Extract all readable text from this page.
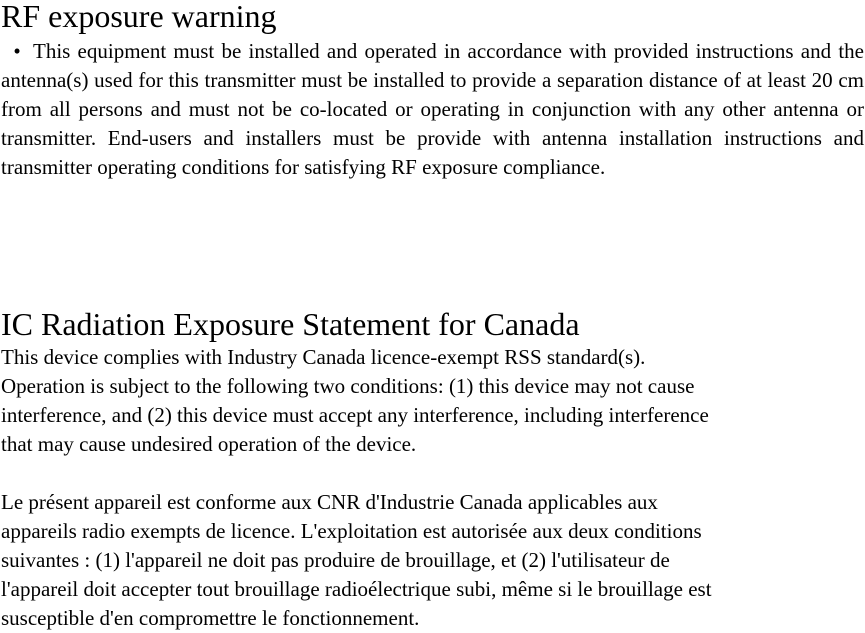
RF exposure warning

• This equipment must be installed and operated in accordance with provided instructions and the antenna(s) used for this transmitter must be installed to provide a separation distance of at least 20 cm from all persons and must not be co-located or operating in conjunction with any other antenna or transmitter. End-users and installers must be provide with antenna installation instructions and transmitter operating conditions for satisfying RF exposure compliance.

IC Radiation Exposure Statement for Canada

This device complies with Industry Canada licence-exempt RSS standard(s).
Operation is subject to the following two conditions: (1) this device may not cause
interference, and (2) this device must accept any interference, including interference
that may cause undesired operation of the device.

Le présent appareil est conforme aux CNR d'Industrie Canada applicables aux
appareils radio exempts de licence. L'exploitation est autorisée aux deux conditions
suivantes : (1) l'appareil ne doit pas produire de brouillage, et (2) l'utilisateur de
l'appareil doit accepter tout brouillage radioélectrique subi, même si le brouillage est
susceptible d'en compromettre le fonctionnement.
